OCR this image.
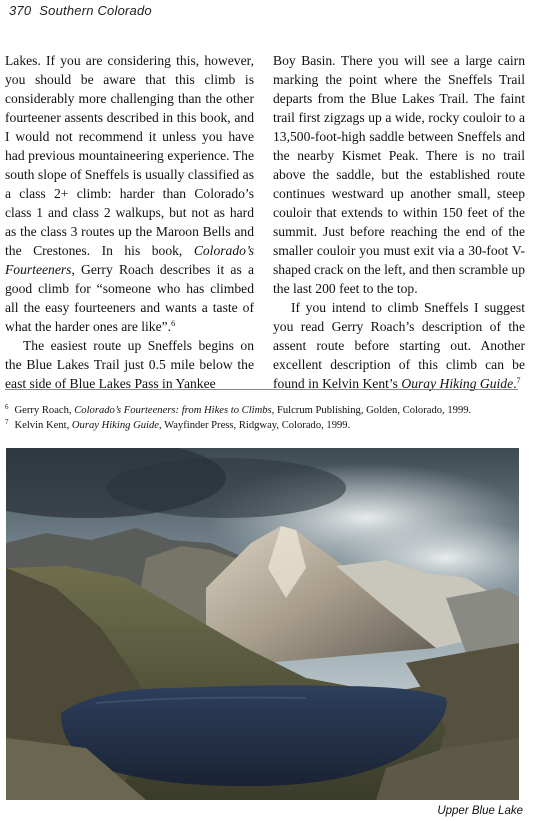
370 Southern Colorado

Lakes. If you are considering this, however, you should be aware that this climb is considerably more challenging than the other fourteener assents described in this book, and I would not recommend it unless you have had previous mountaineering experience. The south slope of Sneffels is usually classified as a class 2+ climb: harder than Colorado’s class 1 and class 2 walkups, but not as hard as the class 3 routes up the Maroon Bells and the Crestones. In his book, Colorado’s Fourteeners, Gerry Roach describes it as a good climb for “someone who has climbed all the easy fourteeners and wants a taste of what the harder ones are like”.$^6$

The easiest route up Sneffels begins on the Blue Lakes Trail just 0.5 mile below the east side of Blue Lakes Pass in Yankee

Boy Basin. There you will see a large cairn marking the point where the Sneffels Trail departs from the Blue Lakes Trail. The faint trail first zigzags up a wide, rocky couloir to a 13,500-foot-high saddle between Sneffels and the nearby Kismet Peak. There is no trail above the saddle, but the established route continues westward up another small, steep couloir that extends to within 150 feet of the summit. Just before reaching the end of the smaller couloir you must exit via a 30-foot V-shaped crack on the left, and then scramble up the last 200 feet to the top.

If you intend to climb Sneffels I suggest you read Gerry Roach’s description of the assent route before starting out. Another excellent description of this climb can be found in Kelvin Kent’s Ouray Hiking Guide.$^7$

$^6$ Gerry Roach, Colorado’s Fourteeners: from Hikes to Climbs, Fulcrum Publishing, Golden, Colorado, 1999.
$^7$ Kelvin Kent, Ouray Hiking Guide, Wayfinder Press, Ridgway, Colorado, 1999.
Upper Blue Lake
